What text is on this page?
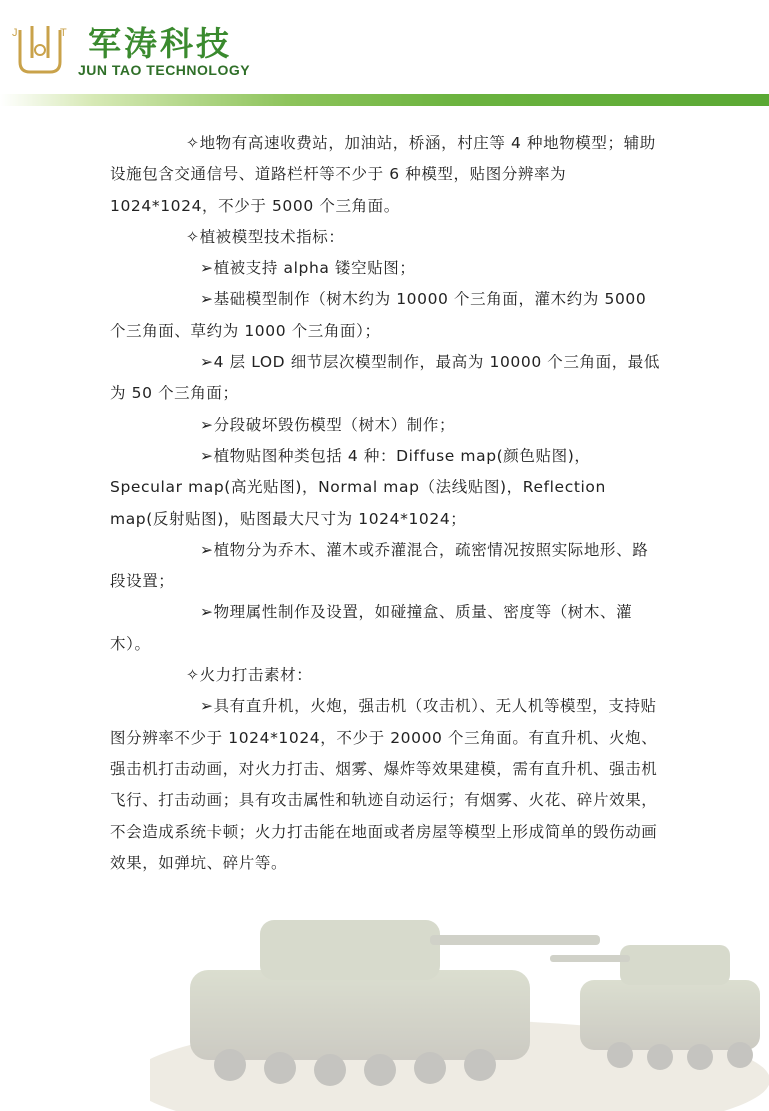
J	T 军涛科技
JUN TAO TECHNOLOGY

✧地物有高速收费站，加油站，桥涵，村庄等 4 种地物模型；辅助设施包含交通信号、道路栏杆等不少于 6 种模型，贴图分辨率为 1024*1024，不少于 5000 个三角面。

✧植被模型技术指标：

➢植被支持 alpha 镂空贴图；

➢基础模型制作（树木约为 10000 个三角面，灌木约为 5000 个三角面、草约为 1000 个三角面）；

➢4 层 LOD 细节层次模型制作，最高为 10000 个三角面，最低为 50 个三角面；

➢分段破坏毁伤模型（树木）制作；

➢植物贴图种类包括 4 种：Diffuse map(颜色贴图)，Specular map(高光贴图)，Normal map（法线贴图)，Reflection map(反射贴图)，贴图最大尺寸为 1024*1024；

➢植物分为乔木、灌木或乔灌混合，疏密情况按照实际地形、路段设置；

➢物理属性制作及设置，如碰撞盒、质量、密度等（树木、灌木）。

✧火力打击素材：

➢具有直升机，火炮，强击机（攻击机）、无人机等模型，支持贴图分辨率不少于 1024*1024，不少于 20000 个三角面。有直升机、火炮、强击机打击动画，对火力打击、烟雾、爆炸等效果建模，需有直升机、强击机飞行、打击动画；具有攻击属性和轨迹自动运行；有烟雾、火花、碎片效果，不会造成系统卡顿；火力打击能在地面或者房屋等模型上形成简单的毁伤动画效果，如弹坑、碎片等。
